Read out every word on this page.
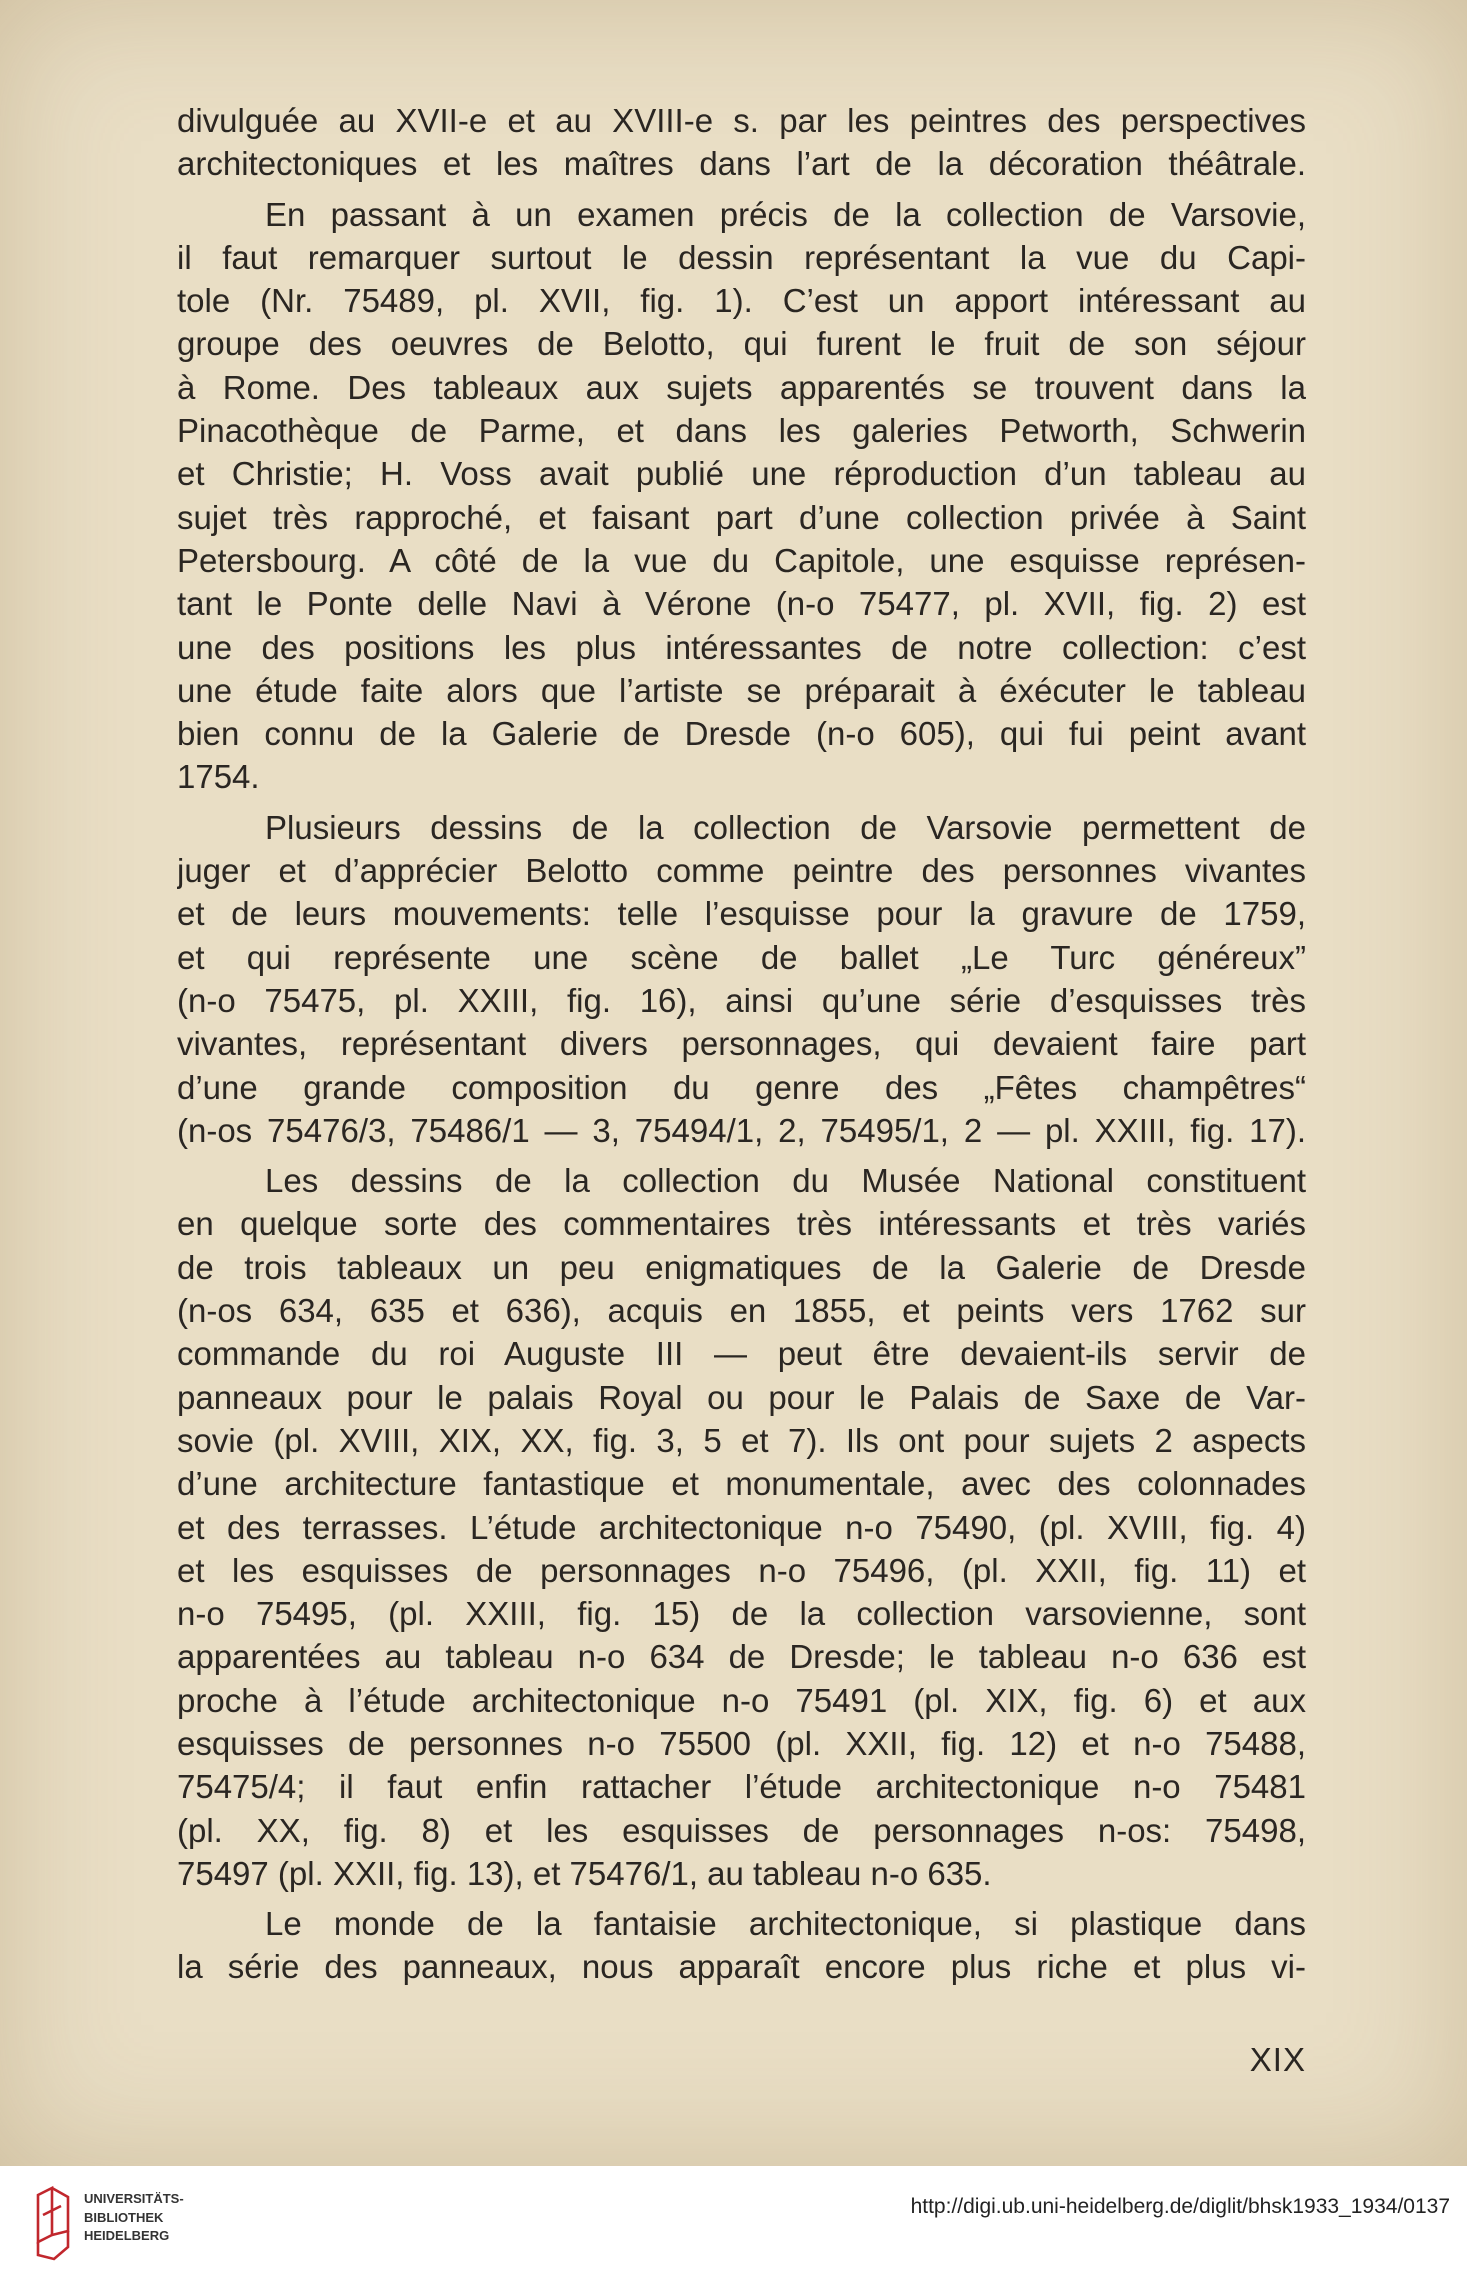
divulguée au XVII-e et au XVIII-e s. par les peintres des perspectives
architectoniques et les maîtres dans l’art de la décoration théâtrale.
En passant à un examen précis de la collection de Varsovie,
il faut remarquer surtout le dessin représentant la vue du Capi-
tole (Nr. 75489, pl. XVII, fig. 1). C’est un apport intéressant au
groupe des oeuvres de Belotto, qui furent le fruit de son séjour
à Rome. Des tableaux aux sujets apparentés se trouvent dans la
Pinacothèque de Parme, et dans les galeries Petworth, Schwerin
et Christie; H. Voss avait publié une réproduction d’un tableau au
sujet très rapproché, et faisant part d’une collection privée à Saint
Petersbourg. A côté de la vue du Capitole, une esquisse représen-
tant le Ponte delle Navi à Vérone (n-o 75477, pl. XVII, fig. 2) est
une des positions les plus intéressantes de notre collection: c’est
une étude faite alors que l’artiste se préparait à éxécuter le tableau
bien connu de la Galerie de Dresde (n-o 605), qui fui peint avant
1754.
Plusieurs dessins de la collection de Varsovie permettent de
juger et d’apprécier Belotto comme peintre des personnes vivantes
et de leurs mouvements: telle l’esquisse pour la gravure de 1759,
et qui représente une scène de ballet „Le Turc généreux”
(n-o 75475, pl. XXIII, fig. 16), ainsi qu’une série d’esquisses très
vivantes, représentant divers personnages, qui devaient faire part
d’une grande composition du genre des „Fêtes champêtres“
(n-os 75476/3, 75486/1 — 3, 75494/1, 2, 75495/1, 2 — pl. XXIII, fig. 17).
Les dessins de la collection du Musée National constituent
en quelque sorte des commentaires très intéressants et très variés
de trois tableaux un peu enigmatiques de la Galerie de Dresde
(n-os 634, 635 et 636), acquis en 1855, et peints vers 1762 sur
commande du roi Auguste III — peut être devaient-ils servir de
panneaux pour le palais Royal ou pour le Palais de Saxe de Var-
sovie (pl. XVIII, XIX, XX, fig. 3, 5 et 7). Ils ont pour sujets 2 aspects
d’une architecture fantastique et monumentale, avec des colonnades
et des terrasses. L’étude architectonique n-o 75490, (pl. XVIII, fig. 4)
et les esquisses de personnages n-o 75496, (pl. XXII, fig. 11) et
n-o 75495, (pl. XXIII, fig. 15) de la collection varsovienne, sont
apparentées au tableau n-o 634 de Dresde; le tableau n-o 636 est
proche à l’étude architectonique n-o 75491 (pl. XIX, fig. 6) et aux
esquisses de personnes n-o 75500 (pl. XXII, fig. 12) et n-o 75488,
75475/4; il faut enfin rattacher l’étude architectonique n-o 75481
(pl. XX, fig. 8) et les esquisses de personnages n-os: 75498,
75497 (pl. XXII, fig. 13), et 75476/1, au tableau n-o 635.
Le monde de la fantaisie architectonique, si plastique dans
la série des panneaux, nous apparaît encore plus riche et plus vi-
XIX
UNIVERSITÄTS-
BIBLIOTHEK
HEIDELBERG
http://digi.ub.uni-heidelberg.de/diglit/bhsk1933_1934/0137
